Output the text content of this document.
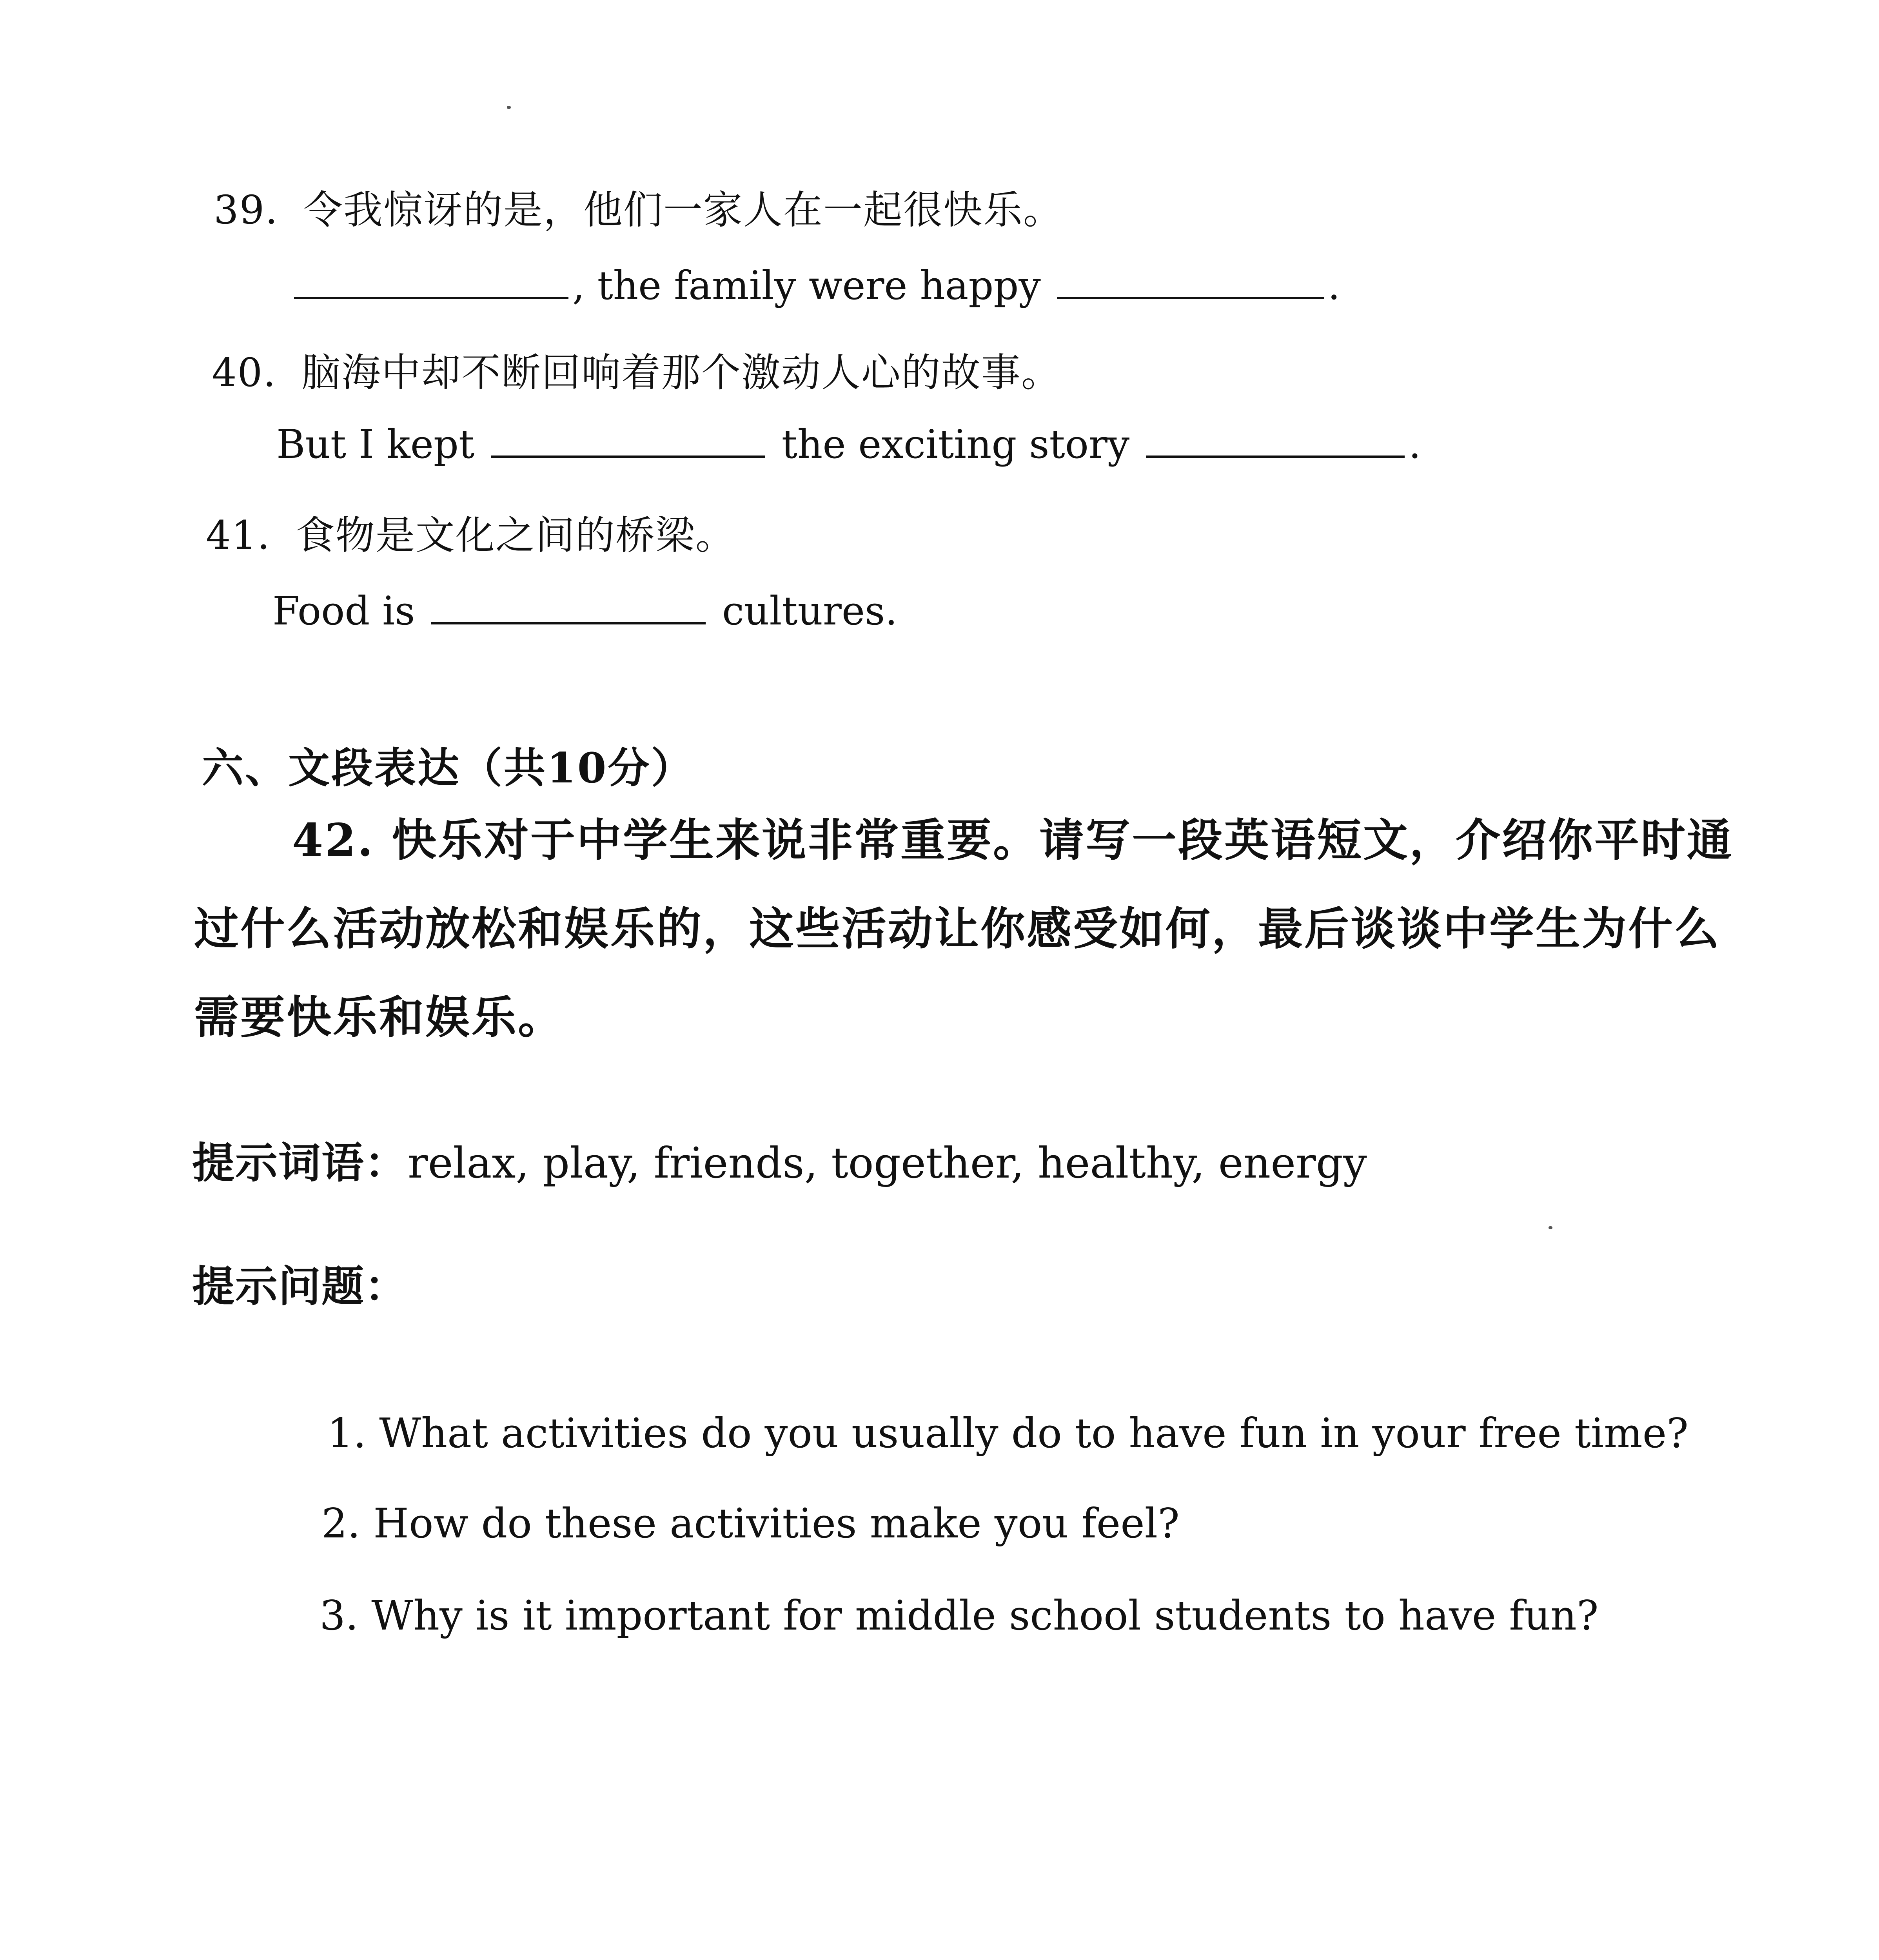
39. 令我惊讶的是，他们一家人在一起很快乐。
, the family were happy	.
40. 脑海中却不断回响着那个激动人心的故事。
But I kept	the exciting story	.
41. 食物是文化之间的桥梁。
Food is	cultures.
六、文段表达（共10分）
42. 快乐对于中学生来说非常重要。请写一段英语短文，介绍你平时通过什么活动放松和娱乐的，这些活动让你感受如何，最后谈谈中学生为什么需要快乐和娱乐。
提示词语：relax, play, friends, together, healthy, energy
提示问题：
1. What activities do you usually do to have fun in your free time?
2. How do these activities make you feel?
3. Why is it important for middle school students to have fun?
